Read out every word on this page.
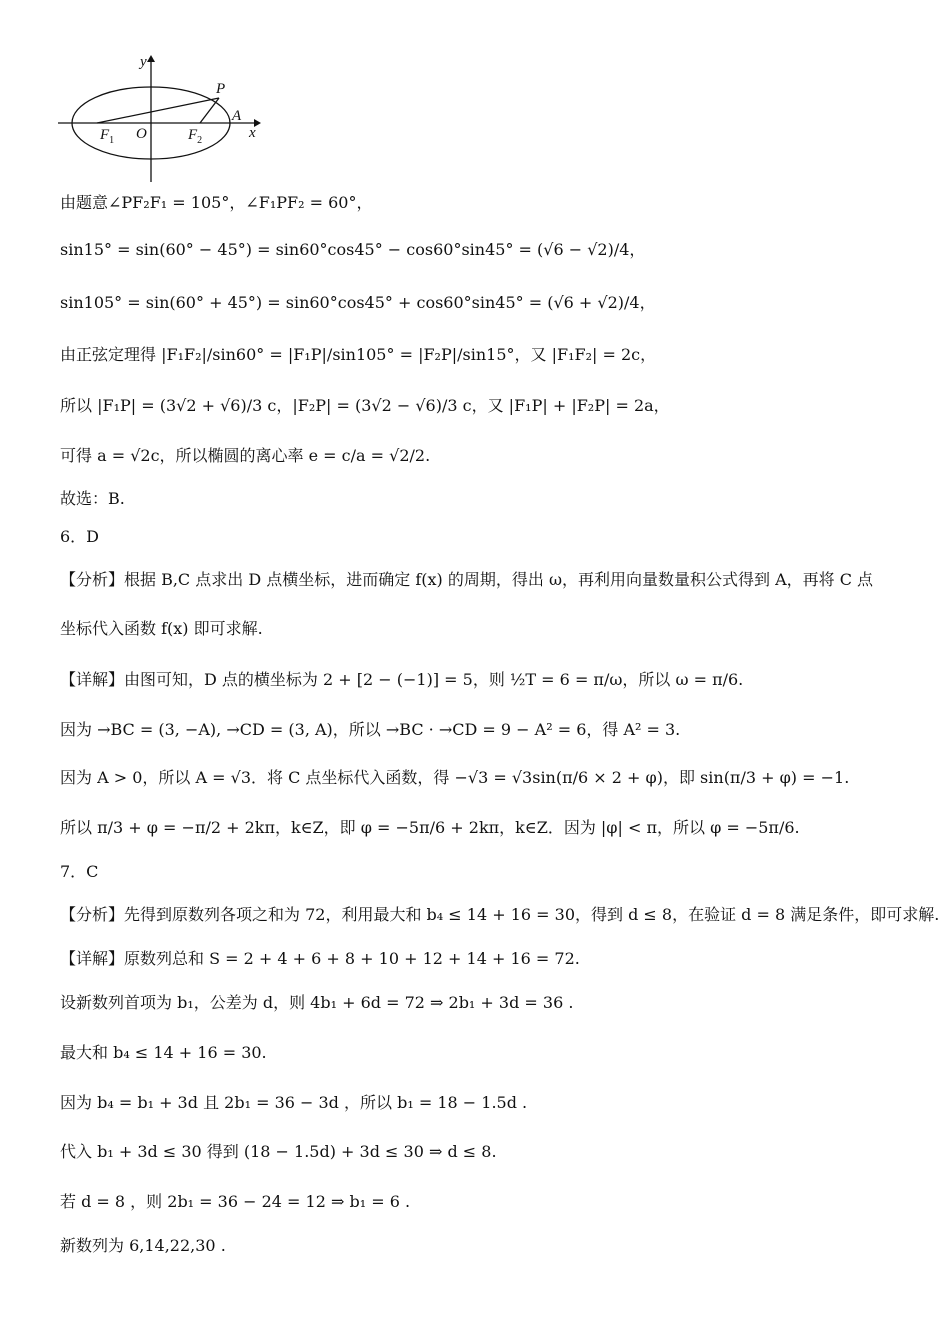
y
x
P
A
O
$F_1$	$F_2$
由题意∠PF₂F₁ = 105°，∠F₁PF₂ = 60°，
sin15° = sin(60° − 45°) = sin60°cos45° − cos60°sin45° = (√6 − √2)/4，
sin105° = sin(60° + 45°) = sin60°cos45° + cos60°sin45° = (√6 + √2)/4，
由正弦定理得 |F₁F₂|/sin60° = |F₁P|/sin105° = |F₂P|/sin15°，又 |F₁F₂| = 2c，
所以 |F₁P| = (3√2 + √6)/3 c，|F₂P| = (3√2 − √6)/3 c，又 |F₁P| + |F₂P| = 2a，
可得 a = √2c，所以椭圆的离心率 e = c/a = √2/2.
故选：B.
6．D
【分析】根据 B,C 点求出 D 点横坐标，进而确定 f(x) 的周期，得出 ω，再利用向量数量积公式得到 A，再将 C 点
坐标代入函数 f(x) 即可求解.
【详解】由图可知，D 点的横坐标为 2 + [2 − (−1)] = 5，则 ½T = 6 = π/ω，所以 ω = π/6.
因为 →BC = (3, −A), →CD = (3, A)，所以 →BC · →CD = 9 − A² = 6，得 A² = 3.
因为 A > 0，所以 A = √3．将 C 点坐标代入函数，得 −√3 = √3sin(π/6 × 2 + φ)，即 sin(π/3 + φ) = −1.
所以 π/3 + φ = −π/2 + 2kπ，k∈Z，即 φ = −5π/6 + 2kπ，k∈Z．因为 |φ| < π，所以 φ = −5π/6.
7．C
【分析】先得到原数列各项之和为 72，利用最大和 b₄ ≤ 14 + 16 = 30，得到 d ≤ 8，在验证 d = 8 满足条件，即可求解.
【详解】原数列总和 S = 2 + 4 + 6 + 8 + 10 + 12 + 14 + 16 = 72.
设新数列首项为 b₁，公差为 d，则 4b₁ + 6d = 72 ⇒ 2b₁ + 3d = 36 .
最大和 b₄ ≤ 14 + 16 = 30.
因为 b₄ = b₁ + 3d 且 2b₁ = 36 − 3d ，所以 b₁ = 18 − 1.5d .
代入 b₁ + 3d ≤ 30 得到 (18 − 1.5d) + 3d ≤ 30 ⇒ d ≤ 8.
若 d = 8 ，则 2b₁ = 36 − 24 = 12 ⇒ b₁ = 6 .
新数列为 6,14,22,30 .
